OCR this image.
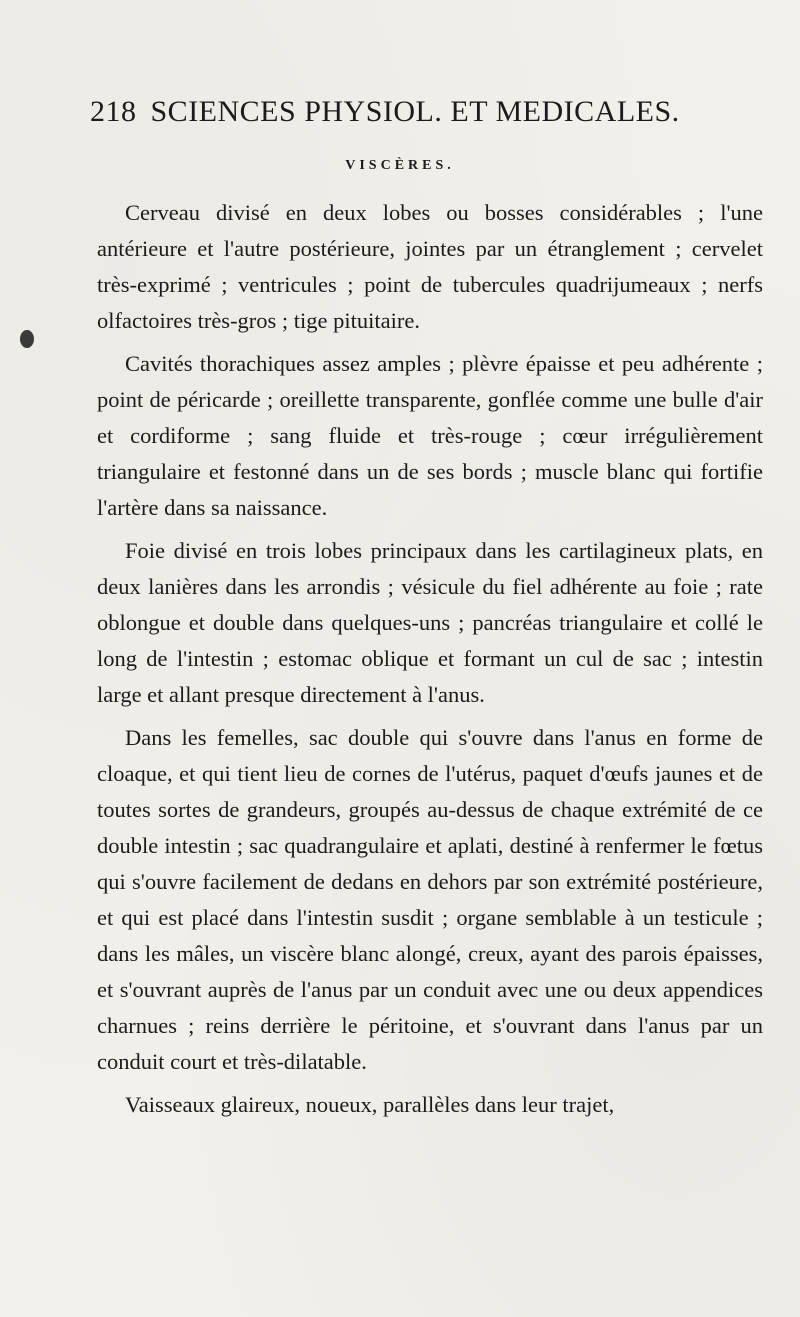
218 SCIENCES PHYSIOL. ET MEDICALES.
VISCÈRES.

Cerveau divisé en deux lobes ou bosses considérables ; l'une antérieure et l'autre postérieure, jointes par un étranglement ; cervelet très-exprimé ; ventricules ; point de tubercules quadrijumeaux ; nerfs olfactoires très-gros ; tige pituitaire.

Cavités thorachiques assez amples ; plèvre épaisse et peu adhérente ; point de péricarde ; oreillette transparente, gonflée comme une bulle d'air et cordiforme ; sang fluide et très-rouge ; cœur irrégulièrement triangulaire et festonné dans un de ses bords ; muscle blanc qui fortifie l'artère dans sa naissance.

Foie divisé en trois lobes principaux dans les cartilagineux plats, en deux lanières dans les arrondis ; vésicule du fiel adhérente au foie ; rate oblongue et double dans quelques-uns ; pancréas triangulaire et collé le long de l'intestin ; estomac oblique et formant un cul de sac ; intestin large et allant presque directement à l'anus.

Dans les femelles, sac double qui s'ouvre dans l'anus en forme de cloaque, et qui tient lieu de cornes de l'utérus, paquet d'œufs jaunes et de toutes sortes de grandeurs, groupés au-dessus de chaque extrémité de ce double intestin ; sac quadrangulaire et aplati, destiné à renfermer le fœtus qui s'ouvre facilement de dedans en dehors par son extrémité postérieure, et qui est placé dans l'intestin susdit ; organe semblable à un testicule ; dans les mâles, un viscère blanc alongé, creux, ayant des parois épaisses, et s'ouvrant auprès de l'anus par un conduit avec une ou deux appendices charnues ; reins derrière le péritoine, et s'ouvrant dans l'anus par un conduit court et très-dilatable.

Vaisseaux glaireux, noueux, parallèles dans leur trajet,
